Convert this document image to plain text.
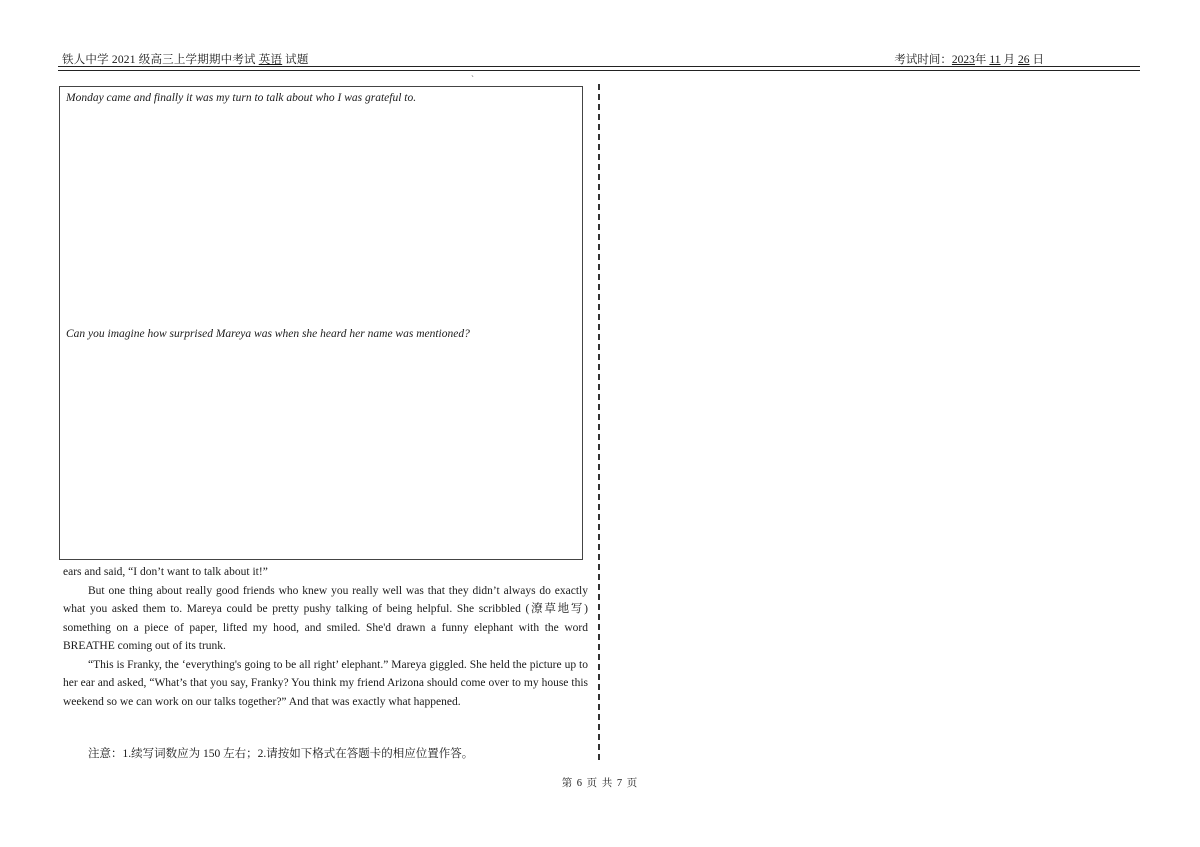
铁人中学 2021 级高三上学期期中考试 英语 试题	考试时间：2023年 11 月 26 日
`
Monday came and finally it was my turn to talk about who I was grateful to.
Can you imagine how surprised Mareya was when she heard her name was mentioned?

ears and said, “I don’t want to talk about it!”

But one thing about really good friends who knew you really well was that they didn’t always do exactly what you asked them to. Mareya could be pretty pushy talking of being helpful. She scribbled (潦草地写) something on a piece of paper, lifted my hood, and smiled. She'd drawn a funny elephant with the word BREATHE coming out of its trunk.

“This is Franky, the ‘everything's going to be all right’ elephant.” Mareya giggled. She held the picture up to her ear and asked, “What’s that you say, Franky? You think my friend Arizona should come over to my house this weekend so we can work on our talks together?” And that was exactly what happened.

注意：1.续写词数应为 150 左右；2.请按如下格式在答题卡的相应位置作答。
第 6 页 共 7 页
